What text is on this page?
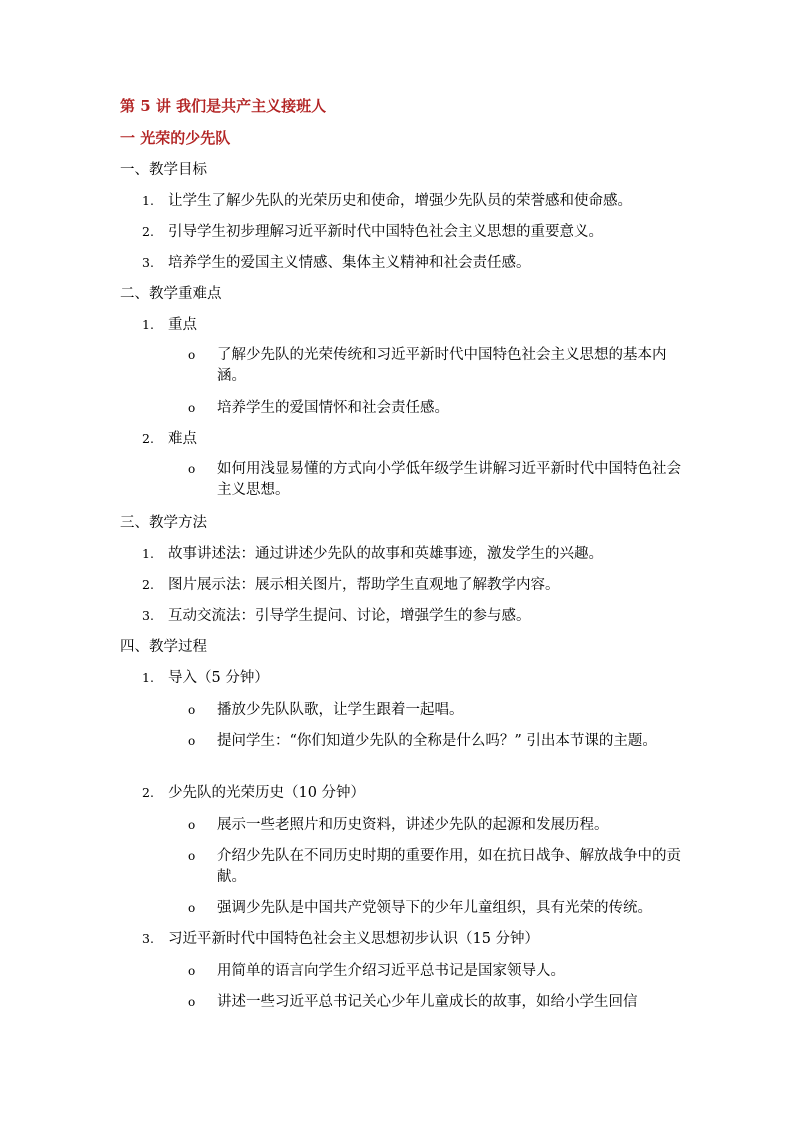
第 5 讲 我们是共产主义接班人
一 光荣的少先队
一、教学目标
1. 让学生了解少先队的光荣历史和使命，增强少先队员的荣誉感和使命感。
2. 引导学生初步理解习近平新时代中国特色社会主义思想的重要意义。
3. 培养学生的爱国主义情感、集体主义精神和社会责任感。
二、教学重难点
1. 重点
o 了解少先队的光荣传统和习近平新时代中国特色社会主义思想的基本内涵。
o 培养学生的爱国情怀和社会责任感。
2. 难点
o 如何用浅显易懂的方式向小学低年级学生讲解习近平新时代中国特色社会主义思想。
三、教学方法
1. 故事讲述法：通过讲述少先队的故事和英雄事迹，激发学生的兴趣。
2. 图片展示法：展示相关图片，帮助学生直观地了解教学内容。
3. 互动交流法：引导学生提问、讨论，增强学生的参与感。
四、教学过程
1. 导入（5 分钟）
o 播放少先队队歌，让学生跟着一起唱。
o 提问学生：“你们知道少先队的全称是什么吗？” 引出本节课的主题。
2. 少先队的光荣历史（10 分钟）
o 展示一些老照片和历史资料，讲述少先队的起源和发展历程。
o 介绍少先队在不同历史时期的重要作用，如在抗日战争、解放战争中的贡献。
o 强调少先队是中国共产党领导下的少年儿童组织，具有光荣的传统。
3. 习近平新时代中国特色社会主义思想初步认识（15 分钟）
o 用简单的语言向学生介绍习近平总书记是国家领导人。
o 讲述一些习近平总书记关心少年儿童成长的故事，如给小学生回信
